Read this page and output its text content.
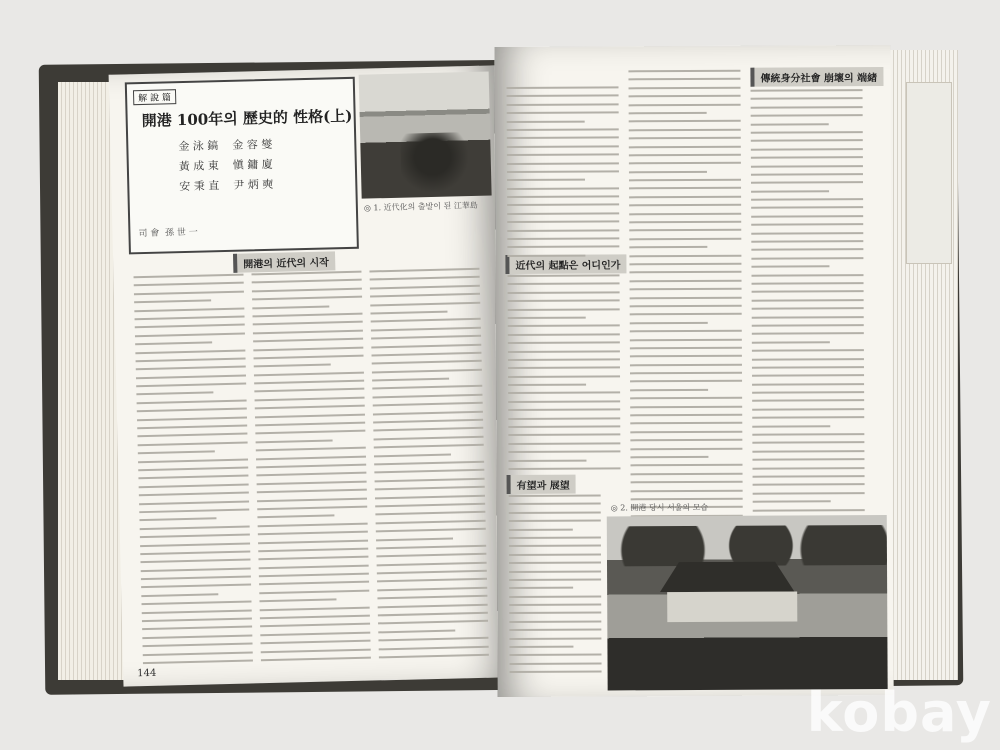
解 說 篇
開港 100年의 歷史的 性格(上)
金 泳 鎬 金 容 燮
黃 成 東 愼 鏞 廈
安 秉 直 尹 炳 奭
司 會 孫 世 一
◎ 1. 近代化의 출발이 된 江華島
開港의 近代의 시작
144
傳統身分社會 崩壞의 端緖
近代의 起點은 어디인가
有望과 展望
◎ 2. 開港 당시 서울의 모습
kobay
